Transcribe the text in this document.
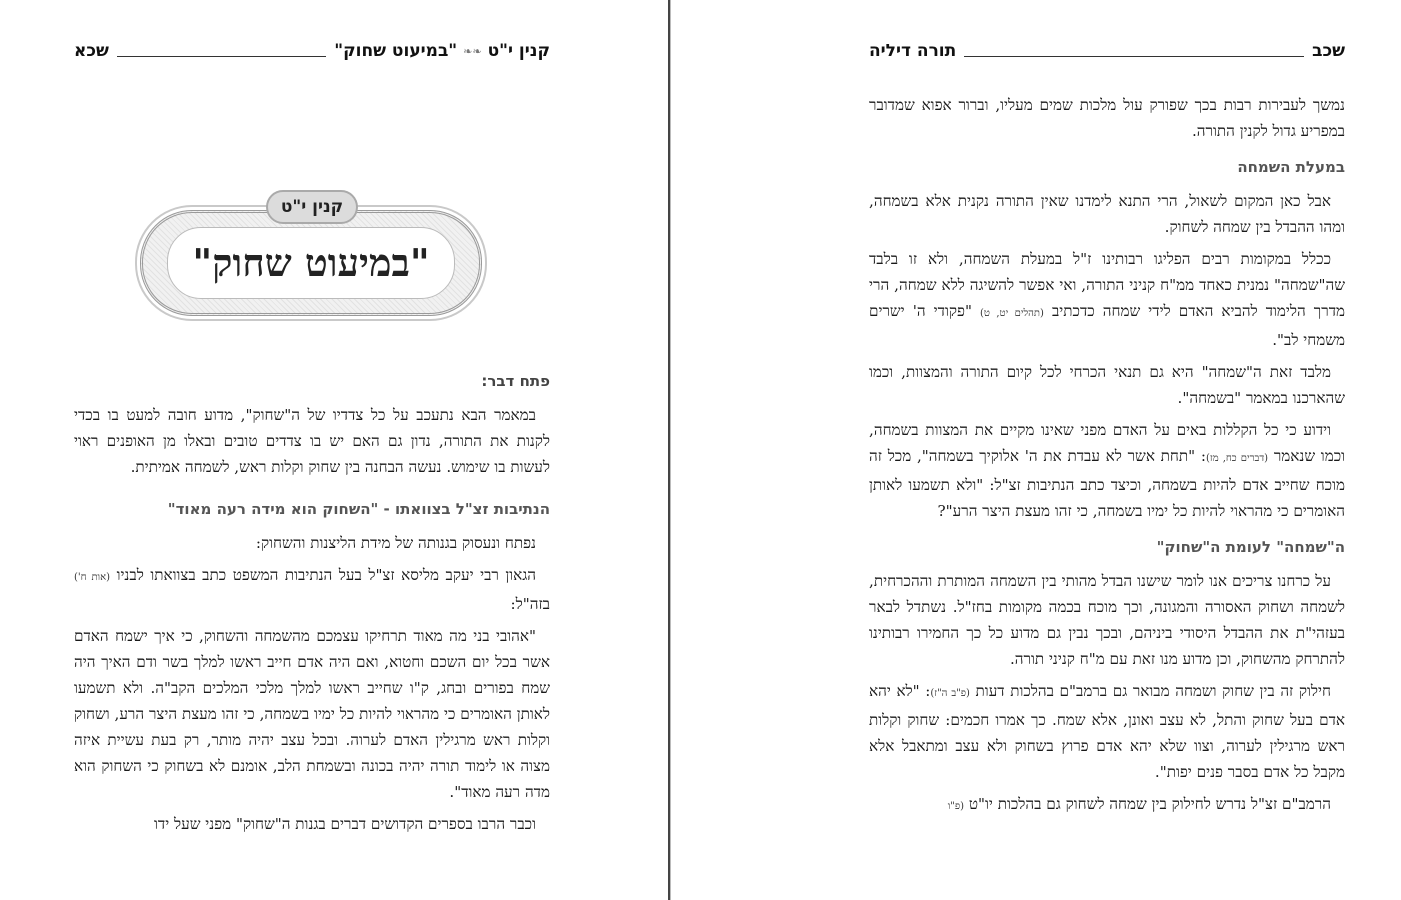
קנין י"ט
❧❧
"במיעוט שחוק"
שכא
"במיעוט שחוק"
קנין י"ט
פתח דבר:

במאמר הבא נתעכב על כל צדדיו של ה"שחוק", מדוע חובה למעט בו בכדי לקנות את התורה, נדון גם האם יש בו צדדים טובים ובאלו מן האופנים ראוי לעשות בו שימוש. נעשה הבחנה בין שחוק וקלות ראש, לשמחה אמיתית.

הנתיבות זצ"ל בצוואתו - "השחוק הוא מידה רעה מאוד"

נפתח ונעסוק בגנותה של מידת הליצנות והשחוק:

הגאון רבי יעקב מליסא זצ"ל בעל הנתיבות המשפט כתב בצוואתו לבניו (אות ח') בזה"ל:

"אהובי בני מה מאוד תרחיקו עצמכם מהשמחה והשחוק, כי איך ישמח האדם אשר בכל יום השכם וחטוא, ואם היה אדם חייב ראשו למלך בשר ודם האיך היה שמח בפורים ובחג, ק"ו שחייב ראשו למלך מלכי המלכים הקב"ה. ולא תשמעו לאותן האומרים כי מהראוי להיות כל ימיו בשמחה, כי זהו מעצת היצר הרע, ושחוק וקלות ראש מרגילין האדם לערוה. ובכל עצב יהיה מותר, רק בעת עשיית איזה מצוה או לימוד תורה יהיה בכונה ובשמחת הלב, אומנם לא בשחוק כי השחוק הוא מדה רעה מאוד".

וכבר הרבו בספרים הקדושים דברים בגנות ה"שחוק" מפני שעל ידו

שכב
תורה דיליה

נמשך לעבירות רבות בכך שפורק עול מלכות שמים מעליו, וברור אפוא שמדובר במפריע גדול לקנין התורה.

במעלת השמחה

אבל כאן המקום לשאול, הרי התנא לימדנו שאין התורה נקנית אלא בשמחה, ומהו ההבדל בין שמחה לשחוק.

ככלל במקומות רבים הפליגו רבותינו ז"ל במעלת השמחה, ולא זו בלבד שה"שמחה" נמנית כאחד ממ"ח קניני התורה, ואי אפשר להשיגה ללא שמחה, הרי מדרך הלימוד להביא האדם לידי שמחה כדכתיב (תהלים יט, ט) "פקודי ה' ישרים משמחי לב".

מלבד זאת ה"שמחה" היא גם תנאי הכרחי לכל קיום התורה והמצוות, וכמו שהארכנו במאמר "בשמחה".

וידוע כי כל הקללות באים על האדם מפני שאינו מקיים את המצוות בשמחה, וכמו שנאמר (דברים כח, מז): "תחת אשר לא עבדת את ה' אלוקיך בשמחה", מכל זה מוכח שחייב אדם להיות בשמחה, וכיצד כתב הנתיבות זצ"ל: "ולא תשמעו לאותן האומרים כי מהראוי להיות כל ימיו בשמחה, כי זהו מעצת היצר הרע"?

ה"שמחה" לעומת ה"שחוק"

על כרחנו צריכים אנו לומר שישנו הבדל מהותי בין השמחה המותרת וההכרחית, לשמחה ושחוק האסורה והמגונה, וכך מוכח בכמה מקומות בחז"ל. נשתדל לבאר בעזהי"ת את ההבדל היסודי ביניהם, ובכך נבין גם מדוע כל כך החמירו רבותינו להתרחק מהשחוק, וכן מדוע מנו זאת עם מ"ח קניני תורה.

חילוק זה בין שחוק ושמחה מבואר גם ברמב"ם בהלכות דעות (פ"ב ה"ז): "לא יהא אדם בעל שחוק והתל, לא עצב ואונן, אלא שמח. כך אמרו חכמים: שחוק וקלות ראש מרגילין לערוה, וצוו שלא יהא אדם פרוץ בשחוק ולא עצב ומתאבל אלא מקבל כל אדם בסבר פנים יפות".

הרמב"ם זצ"ל נדרש לחילוק בין שמחה לשחוק גם בהלכות יו"ט (פ"ו
